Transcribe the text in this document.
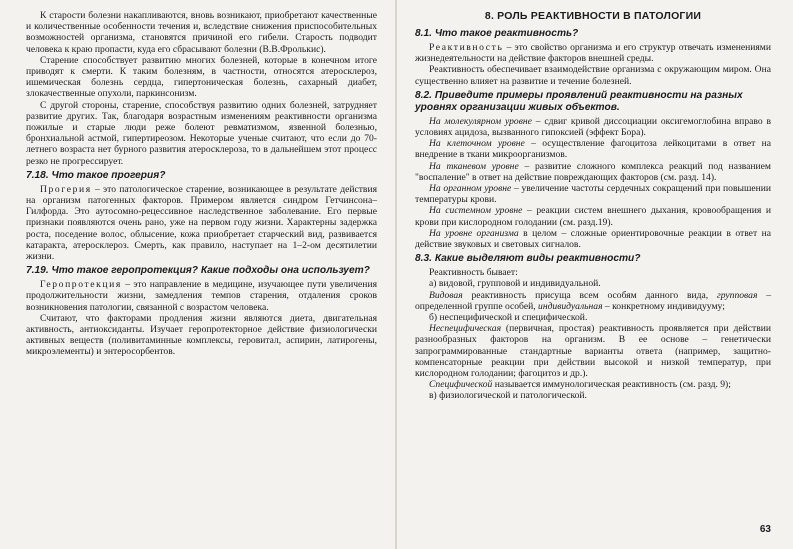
К старости болезни накапливаются, вновь возникают, приобретают качественные и количественные особенности течения и, вследствие снижения приспособительных возможностей организма, становятся причиной его гибели. Старость подводит человека к краю пропасти, куда его сбрасывают болезни (В.В.Фролькис).

Старение способствует развитию многих болезней, которые в конечном итоге приводят к смерти. К таким болезням, в частности, относятся атеросклероз, ишемическая болезнь сердца, гипертоническая болезнь, сахарный диабет, злокачественные опухоли, паркинсонизм.

С другой стороны, старение, способствуя развитию одних болезней, затрудняет развитие других. Так, благодаря возрастным изменениям реактивности организма пожилые и старые люди реже болеют ревматизмом, язвенной болезнью, бронхиальной астмой, гипертиреозом. Некоторые ученые считают, что если до 70-летнего возраста нет бурного развития атеросклероза, то в дальнейшем этот процесс резко не прогрессирует.

7.18. Что такое прогерия?

Прогерия – это патологическое старение, возникающее в результате действия на организм патогенных факторов. Примером является синдром Гетчинсона–Гилфорда. Это аутосомно-рецессивное наследственное заболевание. Его первые признаки появляются очень рано, уже на первом году жизни. Характерны задержка роста, поседение волос, облысение, кожа приобретает старческий вид, развивается катаракта, атеросклероз. Смерть, как правило, наступает на 1–2-ом десятилетии жизни.

7.19. Что такое геропротекция? Какие подходы она использует?

Геропротекция – это направление в медицине, изучающее пути увеличения продолжительности жизни, замедления темпов старения, отдаления сроков возникновения патологии, связанной с возрастом человека.

Считают, что факторами продления жизни являются диета, двигательная активность, антиоксиданты. Изучает геропротекторное действие физиологически активных веществ (поливитаминные комплексы, геровитал, аспирин, латирогены, микроэлементы) и энтеросорбентов.

8. РОЛЬ РЕАКТИВНОСТИ В ПАТОЛОГИИ
8.1. Что такое реактивность?

Реактивность – это свойство организма и его структур отвечать изменениями жизнедеятельности на действие факторов внешней среды.

Реактивность обеспечивает взаимодействие организма с окружающим миром. Она существенно влияет на развитие и течение болезней.

8.2. Приведите примеры проявлений реактивности на разных уровнях организации живых объектов.

На молекулярном уровне – сдвиг кривой диссоциации оксигемоглобина вправо в условиях ацидоза, вызванного гипоксией (эффект Бора).

На клеточном уровне – осуществление фагоцитоза лейкоцитами в ответ на внедрение в ткани микроорганизмов.

На тканевом уровне – развитие сложного комплекса реакций под названием "воспаление" в ответ на действие повреждающих факторов (см. разд. 14).

На органном уровне – увеличение частоты сердечных сокращений при повышении температуры крови.

На системном уровне – реакции систем внешнего дыхания, кровообращения и крови при кислородном голодании (см. разд.19).

На уровне организма в целом – сложные ориентировочные реакции в ответ на действие звуковых и световых сигналов.

8.3. Какие выделяют виды реактивности?

Реактивность бывает:

а) видовой, групповой и индивидуальной.

Видовая реактивность присуща всем особям данного вида, групповая – определенной группе особей, индивидуальная – конкретному индивидууму;

б) неспецифической и специфической.

Неспецифическая (первичная, простая) реактивность проявляется при действии разнообразных факторов на организм. В ее основе – генетически запрограммированные стандартные варианты ответа (например, защитно-компенсаторные реакции при действии высокой и низкой температур, при кислородном голодании; фагоцитоз и др.).

Специфической называется иммунологическая реактивность (см. разд. 9);

в) физиологической и патологической.

63
